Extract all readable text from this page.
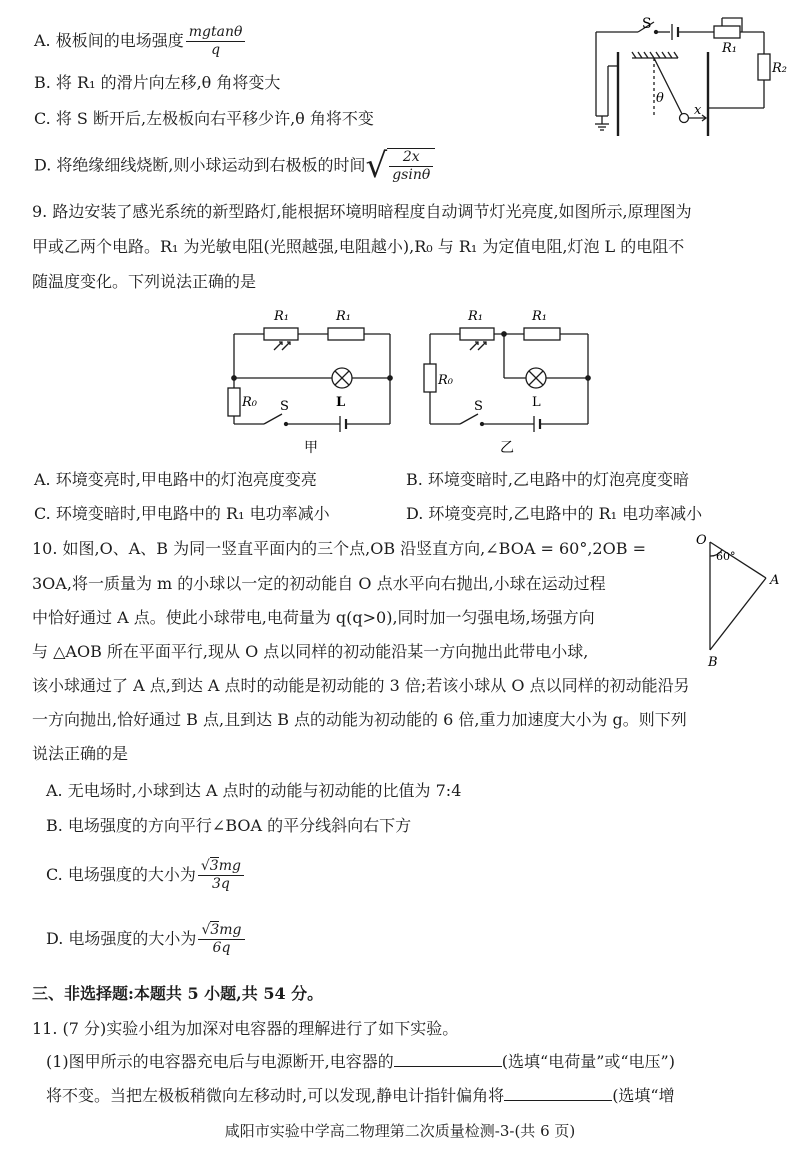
A. 极板间的电场强度 $\frac{mgtan\theta}{q}$
B. 将 R₁ 的滑片向左移,θ 角将变大
C. 将 S 断开后,左极板向右平移少许,θ 角将不变
D. 将绝缘细线烧断,则小球运动到右极板的时间√ $\frac{2x}{gsin\theta}$
S
R₁
R₂
θ
x
9. 路边安装了感光系统的新型路灯,能根据环境明暗程度自动调节灯光亮度,如图所示,原理图为
甲或乙两个电路。R₁ 为光敏电阻(光照越强,电阻越小),R₀ 与 R₁ 为定值电阻,灯泡 L 的电阻不
随温度变化。下列说法正确的是
R₁	R₁
R₀ S	L
甲
R₁	R₁
R₀
S	L
乙
A. 环境变亮时,甲电路中的灯泡亮度变亮	B. 环境变暗时,乙电路中的灯泡亮度变暗
C. 环境变暗时,甲电路中的 R₁ 电功率减小	D. 环境变亮时,乙电路中的 R₁ 电功率减小
10. 如图,O、A、B 为同一竖直平面内的三个点,OB 沿竖直方向,∠BOA = 60°,2OB =
3OA,将一质量为 m 的小球以一定的初动能自 O 点水平向右抛出,小球在运动过程
中恰好通过 A 点。使此小球带电,电荷量为 q(q>0),同时加一匀强电场,场强方向
与 △AOB 所在平面平行,现从 O 点以同样的初动能沿某一方向抛出此带电小球,
该小球通过了 A 点,到达 A 点时的动能是初动能的 3 倍;若该小球从 O 点以同样的初动能沿另
一方向抛出,恰好通过 B 点,且到达 B 点的动能为初动能的 6 倍,重力加速度大小为 g。则下列
说法正确的是
O
A
B
60°
A. 无电场时,小球到达 A 点时的动能与初动能的比值为 7:4
B. 电场强度的方向平行∠BOA 的平分线斜向右下方
C. 电场强度的大小为 $\frac{√3mg}{3q}$
D. 电场强度的大小为 $\frac{√3mg}{6q}$
三、非选择题:本题共 5 小题,共 54 分。
11. (7 分)实验小组为加深对电容器的理解进行了如下实验。
(1)图甲所示的电容器充电后与电源断开,电容器的	(选填“电荷量”或“电压”)
将不变。当把左极板稍微向左移动时,可以发现,静电计指针偏角将	(选填“增
咸阳市实验中学高二物理第二次质量检测-3-(共 6 页)
